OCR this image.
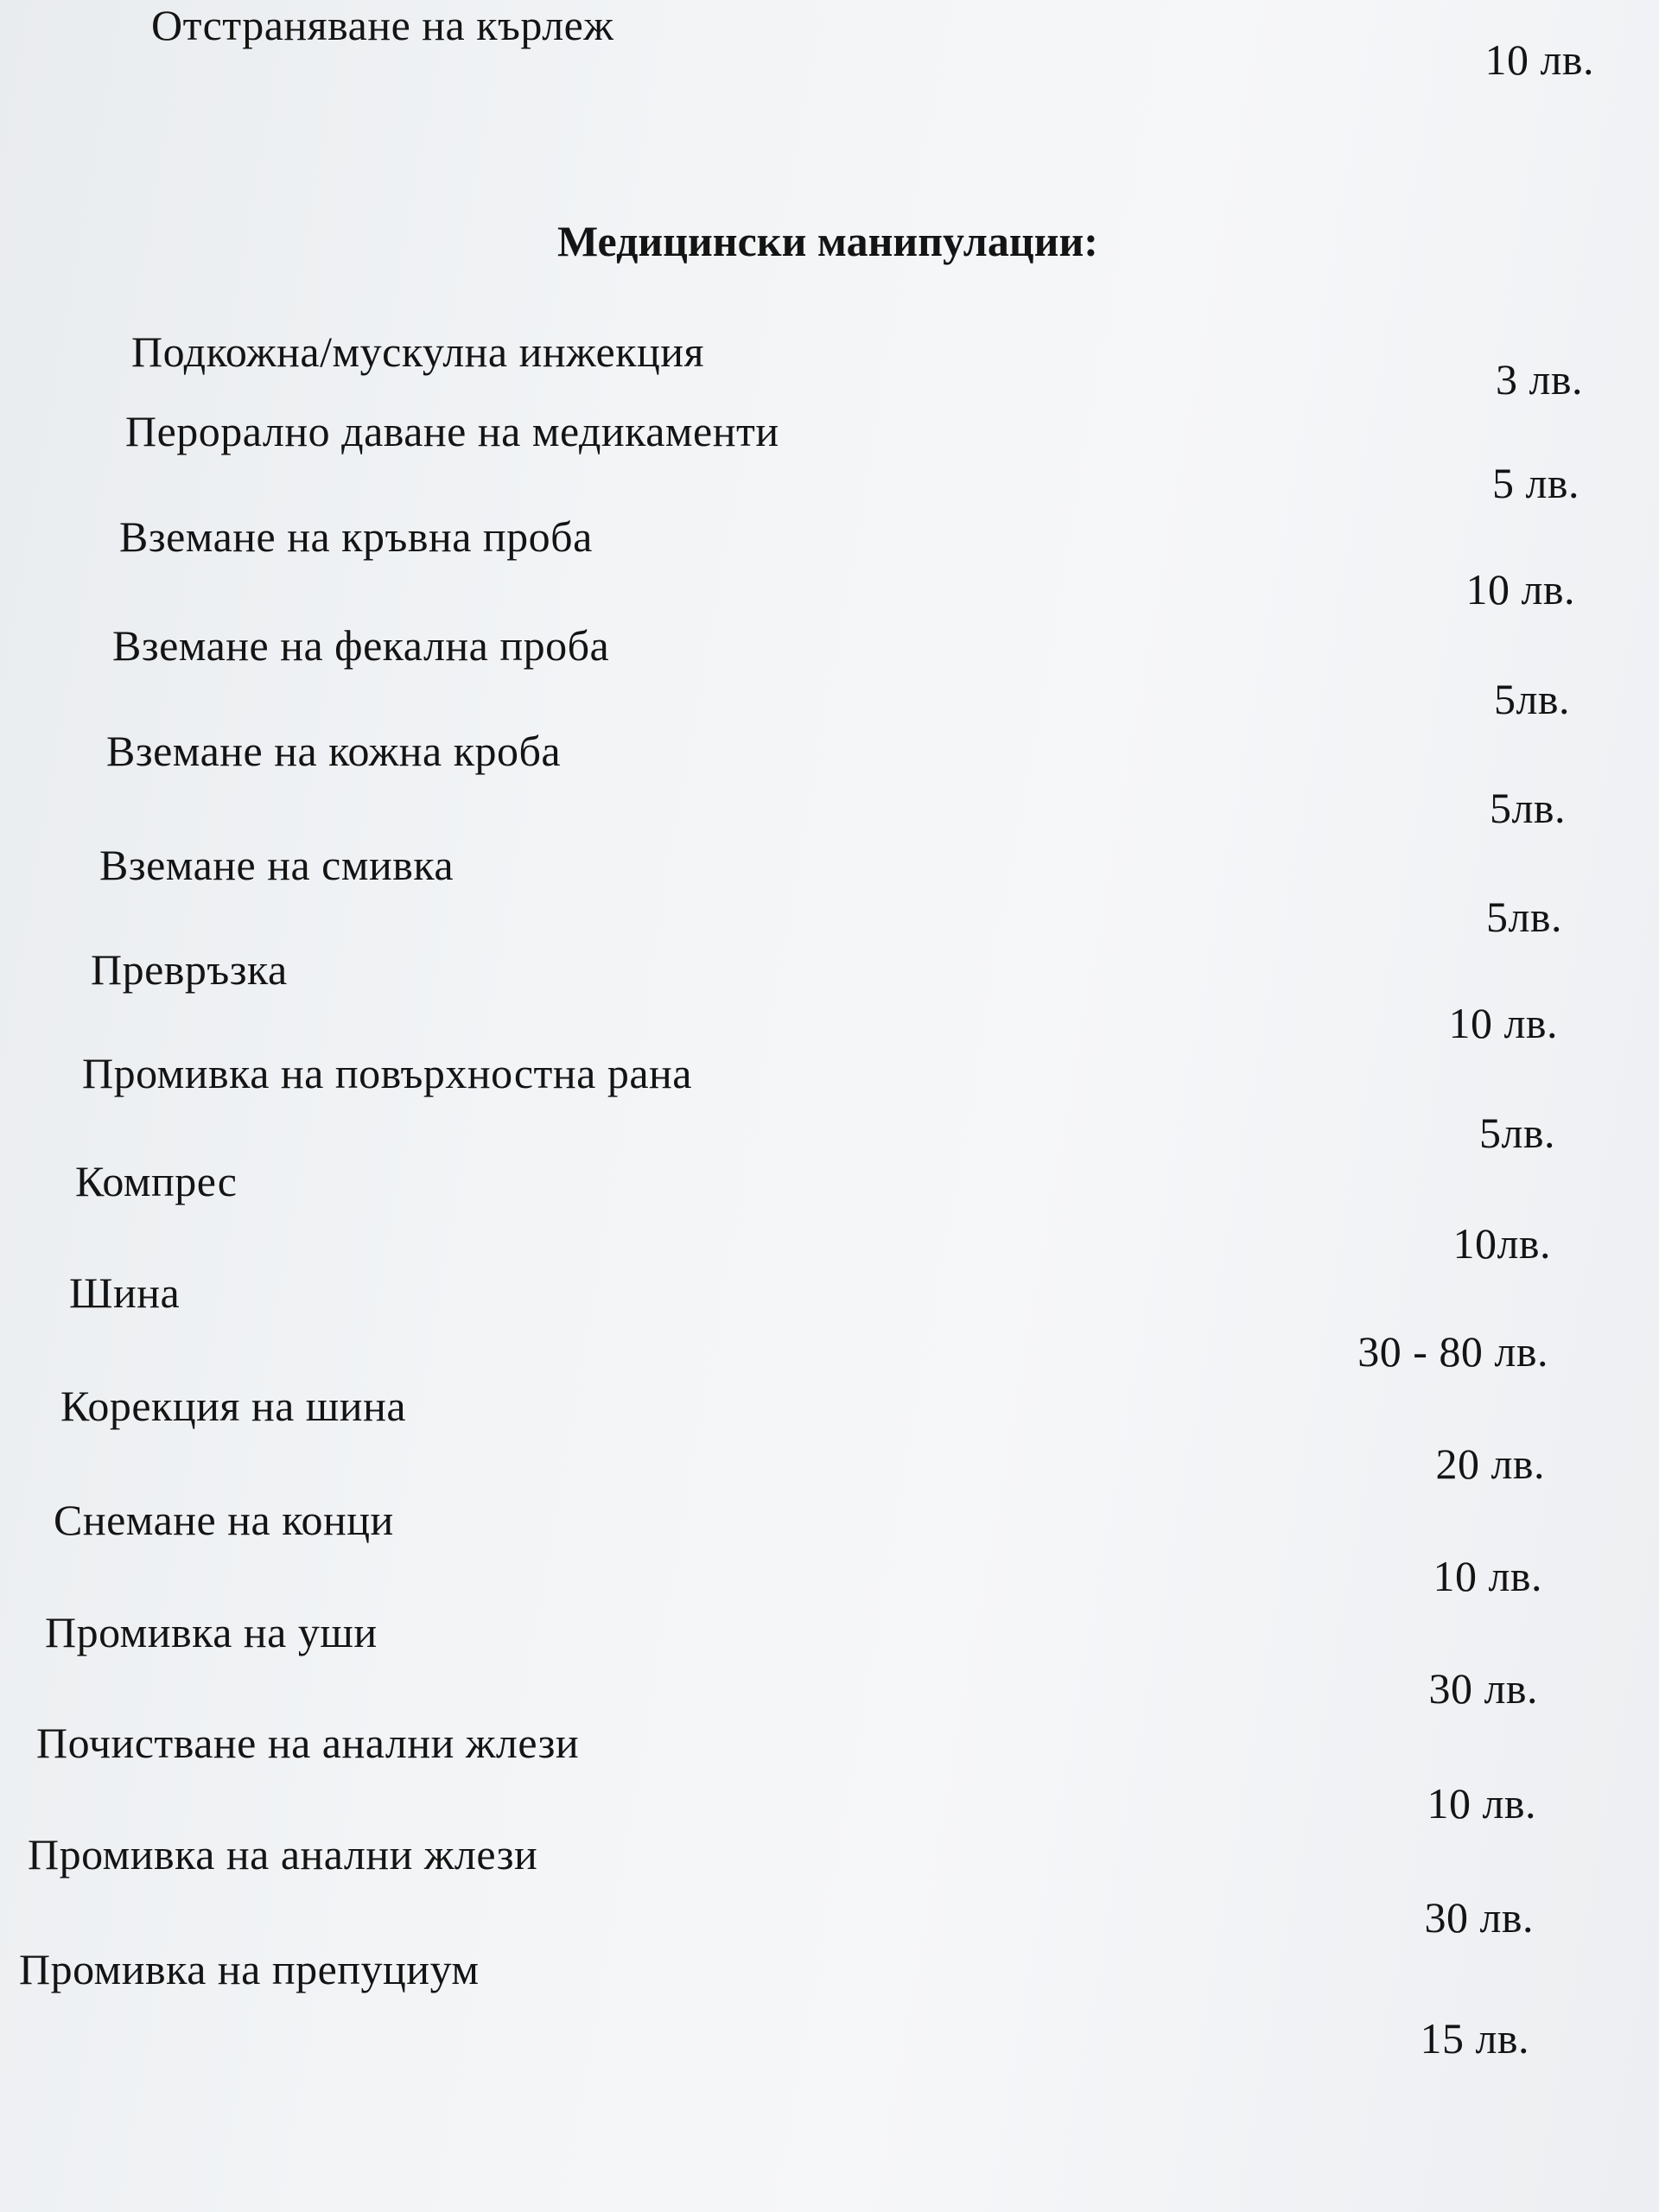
Отстраняване на кърлеж
10 лв.
Медицински манипулации:
Подкожна/мускулна инжекция
3 лв.
Перорално даване на медикаменти
5 лв.
Вземане на кръвна проба
10 лв.
Вземане на фекална проба
5лв.
Вземане на кожна кроба
5лв.
Вземане на смивка
5лв.
Превръзка
10 лв.
Промивка на повърхностна рана
5лв.
Компрес
10лв.
Шина
30 - 80 лв.
Корекция на шина
20 лв.
Снемане на конци
10 лв.
Промивка на уши
30 лв.
Почистване на анални жлези
10 лв.
Промивка на анални жлези
30 лв.
Промивка на препуциум
15 лв.
